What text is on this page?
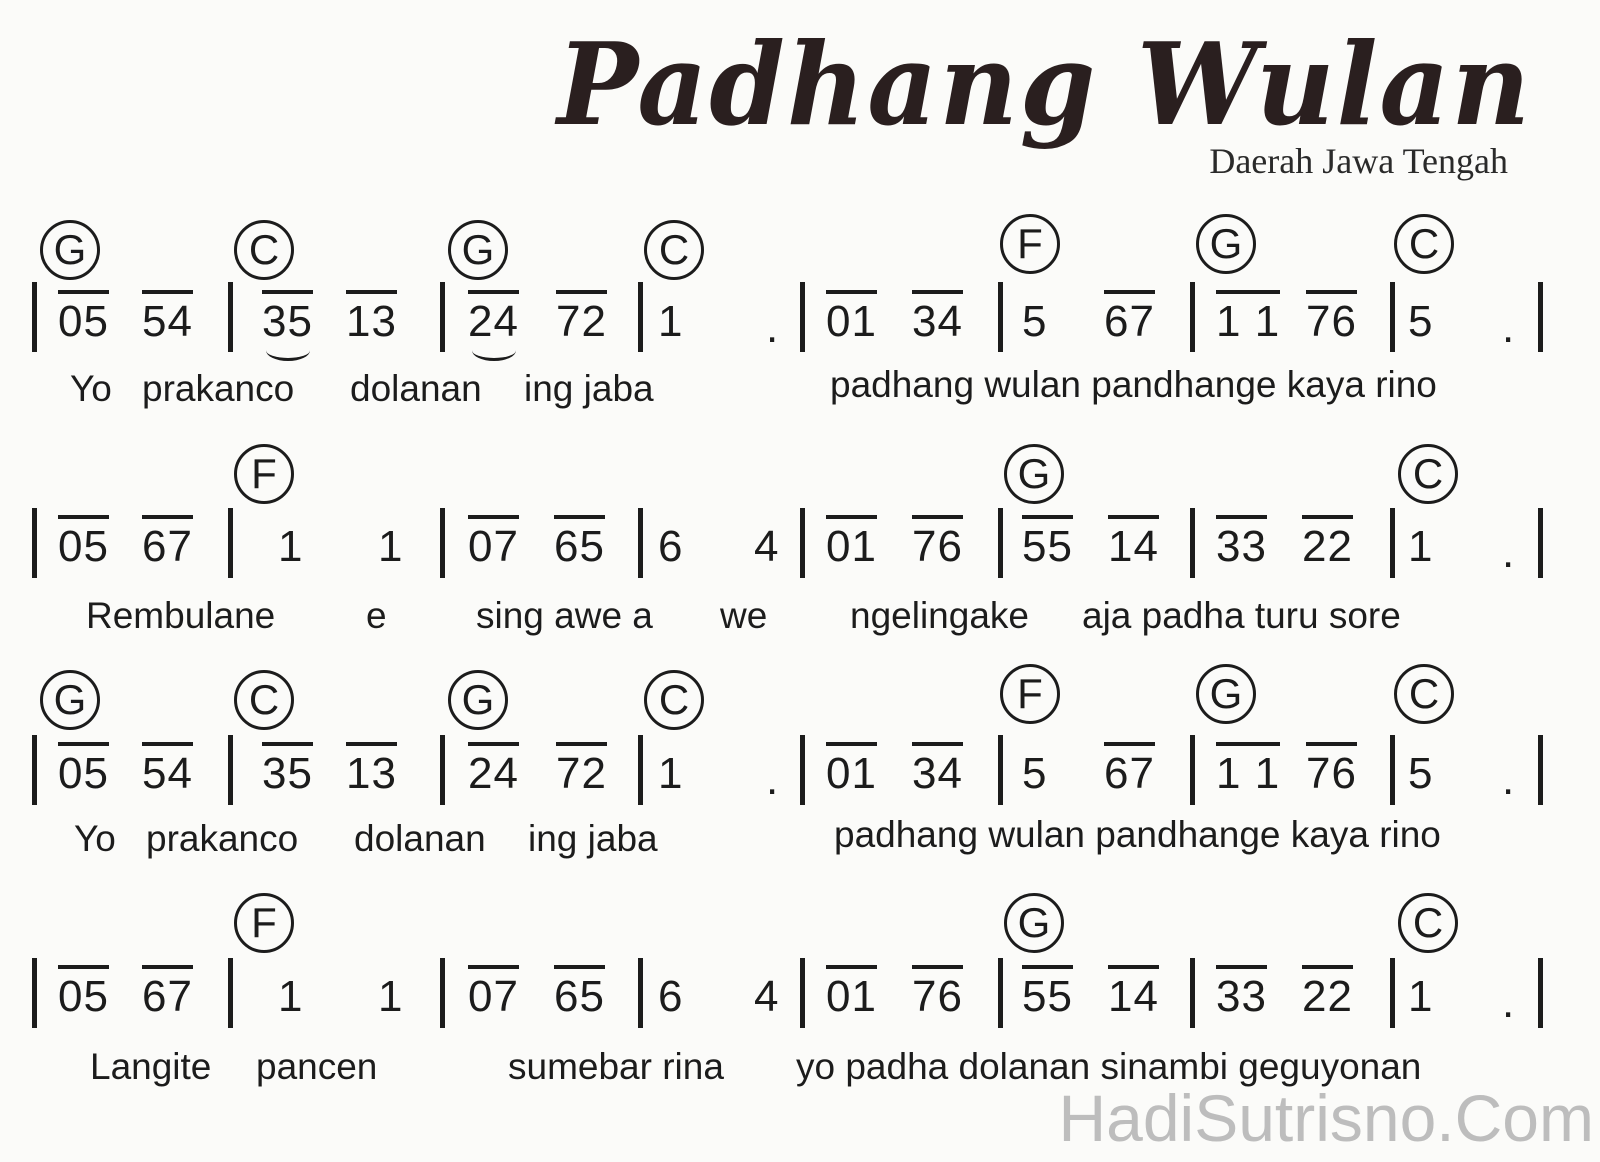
Padhang Wulan
Daerah Jawa Tengah
HadiSutrisno.Com
G	C	G	C	F	G	C
05 54 35 13 24 72 1 . 01 34 5 67 1 1 76 5 .
Yo prakanco dolanan ing jaba	padhang wulan pandhange kaya rino
F	G	C
05 67 1 1 07 65 6 4 01 76 55 14 33 22 1 .
Rembulane e sing awe a we ngelingake aja padha turu sore
G	C	G	C	F	G	C
05 54 35 13 24 72 1 . 01 34 5 67 1 1 76 5 .
Yo prakanco dolanan ing jaba	padhang wulan pandhange kaya rino
F	G	C
05 67 1 1 07 65 6 4 01 76 55 14 33 22 1 .
Langite pancen	sumebar rina yo padha dolanan sinambi geguyonan
